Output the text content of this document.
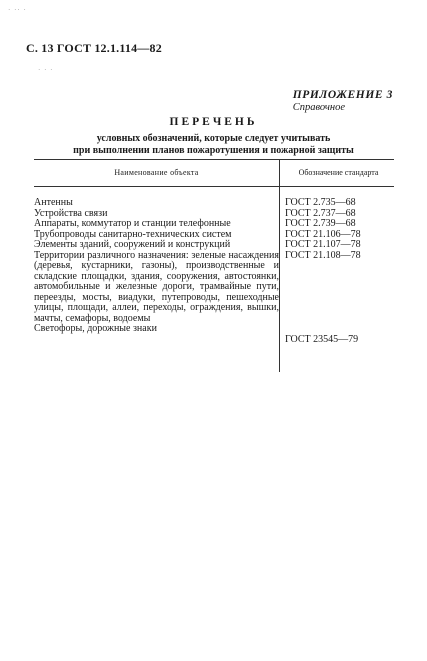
· ·· ·
· · ·
С. 13 ГОСТ 12.1.114—82
ПРИЛОЖЕНИЕ 3
Справочное
ПЕРЕЧЕНЬ
условных обозначений, которые следует учитывать
при выполнении планов пожаротушения и пожарной защиты
Наименование объекта	Обозначение стандарта
Антенны
Устройства связи
Аппараты, коммутатор и станции телефонные
Трубопроводы санитарно-технических систем
Элементы зданий, сооружений и конструкций
Территории различного назначения: зеленые насаждения (деревья, кустарники, газоны), производственные и складские площадки, здания, сооружения, автостоянки, автомобильные и железные дороги, трамвайные пути, переезды, мосты, виадуки, путепроводы, пешеходные улицы, площади, аллеи, переходы, ограждения, вышки, мачты, семафоры, водоемы
Светофоры, дорожные знаки
ГОСТ 2.735—68
ГОСТ 2.737—68
ГОСТ 2.739—68
ГОСТ 21.106—78
ГОСТ 21.107—78
ГОСТ 21.108—78
ГОСТ 23545—79
